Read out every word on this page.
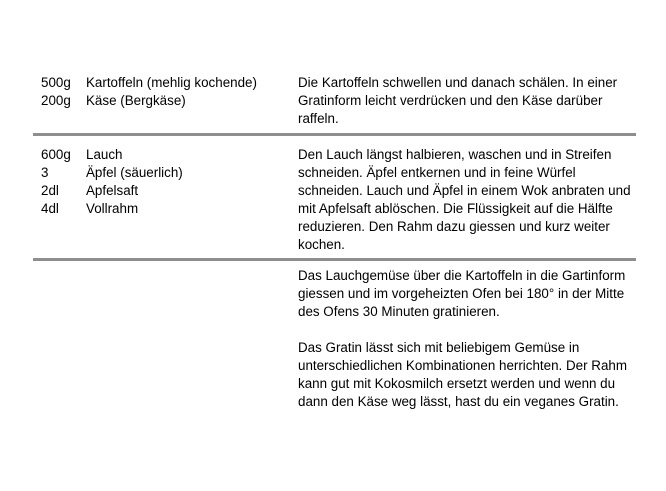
500g	Kartoffeln (mehlig kochende)
200g	Käse (Bergkäse)

Die Kartoffeln schwellen und danach schälen. In einer Gratinform leicht verdrücken und den Käse darüber raffeln.

600g	Lauch
3	Äpfel (säuerlich)
2dl	Apfelsaft
4dl	Vollrahm

Den Lauch längst halbieren, waschen und in Streifen schneiden. Äpfel entkernen und in feine Würfel schneiden. Lauch und Äpfel in einem Wok anbraten und mit Apfelsaft ablöschen. Die Flüssigkeit auf die Hälfte reduzieren. Den Rahm dazu giessen und kurz weiter kochen.

Das Lauchgemüse über die Kartoffeln in die Gartinform giessen und im vorgeheizten Ofen bei 180° in der Mitte des Ofens 30 Minuten gratinieren.

Das Gratin lässt sich mit beliebigem Gemüse in unterschiedlichen Kombinationen herrichten. Der Rahm kann gut mit Kokosmilch ersetzt werden und wenn du dann den Käse weg lässt, hast du ein veganes Gratin.
